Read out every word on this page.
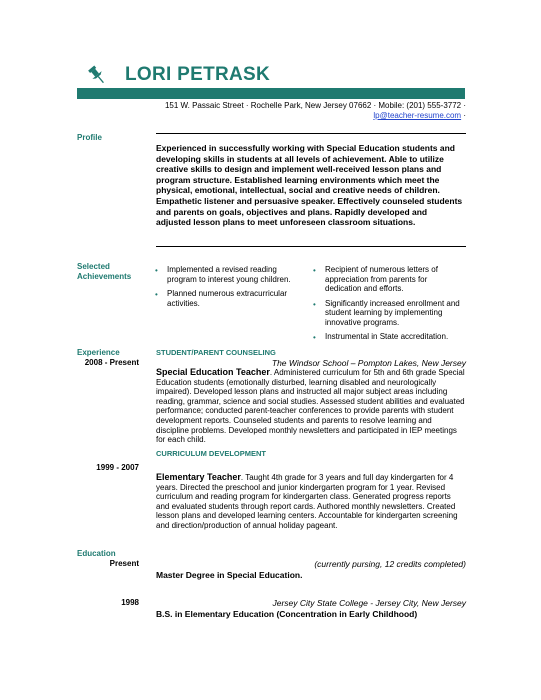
LORI PETRASK
151 W. Passaic Street · Rochelle Park, New Jersey 07662 · Mobile: (201) 555-3772 ·
lp@teacher-resume.com ·
Profile
Experienced in successfully working with Special Education students and developing skills in students at all levels of achievement. Able to utilize creative skills to design and implement well-received lesson plans and program structure. Established learning environments which meet the physical, emotional, intellectual, social and creative needs of children. Empathetic listener and persuasive speaker. Effectively counseled students and parents on goals, objectives and plans. Rapidly developed and adjusted lesson plans to meet unforeseen classroom situations.
Selected
Achievements
• Implemented a revised reading program to interest young children.
• Planned numerous extracurricular activities.
• Recipient of numerous letters of appreciation from parents for dedication and efforts.
• Significantly increased enrollment and student learning by implementing innovative programs.
• Instrumental in State accreditation.
Experience
2008 - Present
STUDENT/PARENT COUNSELING
The Windsor School – Pompton Lakes, New Jersey
Special Education Teacher. Administered curriculum for 5th and 6th grade Special Education students (emotionally disturbed, learning disabled and neurologically impaired). Developed lesson plans and instructed all major subject areas including reading, grammar, science and social studies. Assessed student abilities and evaluated performance; conducted parent-teacher conferences to provide parents with student development reports. Counseled students and parents to resolve learning and discipline problems. Developed monthly newsletters and participated in IEP meetings for each child.
CURRICULUM DEVELOPMENT
1999 - 2007
Elementary Teacher. Taught 4th grade for 3 years and full day kindergarten for 4 years. Directed the preschool and junior kindergarten program for 1 year. Revised curriculum and reading program for kindergarten class. Generated progress reports and evaluated students through report cards. Authored monthly newsletters. Created lesson plans and developed learning centers. Accountable for kindergarten screening and direction/production of annual holiday pageant.
Education
Present	(currently pursing, 12 credits completed)
Master Degree in Special Education.
1998	Jersey City State College - Jersey City, New Jersey
B.S. in Elementary Education (Concentration in Early Childhood)
